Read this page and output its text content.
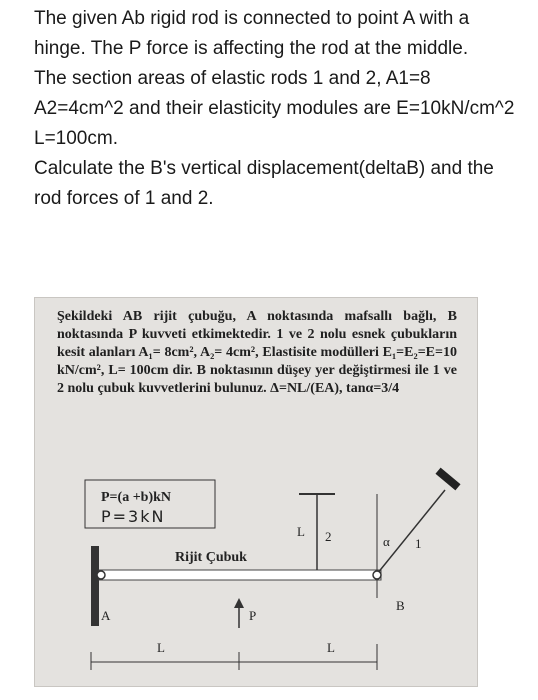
The given Ab rigid rod is connected to point A with a hinge. The P force is affecting the rod at the middle.

The section areas of elastic rods 1 and 2, A1=8 A2=4cm^2 and their elasticity modules are E=10kN/cm^2 L=100cm.

Calculate the B's vertical displacement(deltaB) and the rod forces of 1 and 2.

Şekildeki AB rijit çubuğu, A noktasında mafsallı bağlı, B noktasında P kuvveti etkimektedir. 1 ve 2 nolu esnek çubukların kesit alanları A₁= 8cm², A₂= 4cm², Elastisite modülleri E₁=E₂=E=10 kN/cm², L= 100cm dir. B noktasının düşey yer değiştirmesi ile 1 ve 2 nolu çubuk kuvvetlerini bulunuz. Δ=NL/(EA), tanα=3/4

P=(a +b)kN
P=3kN
Rijit Çubuk
A
L 2	α 1
B
P
L	L
